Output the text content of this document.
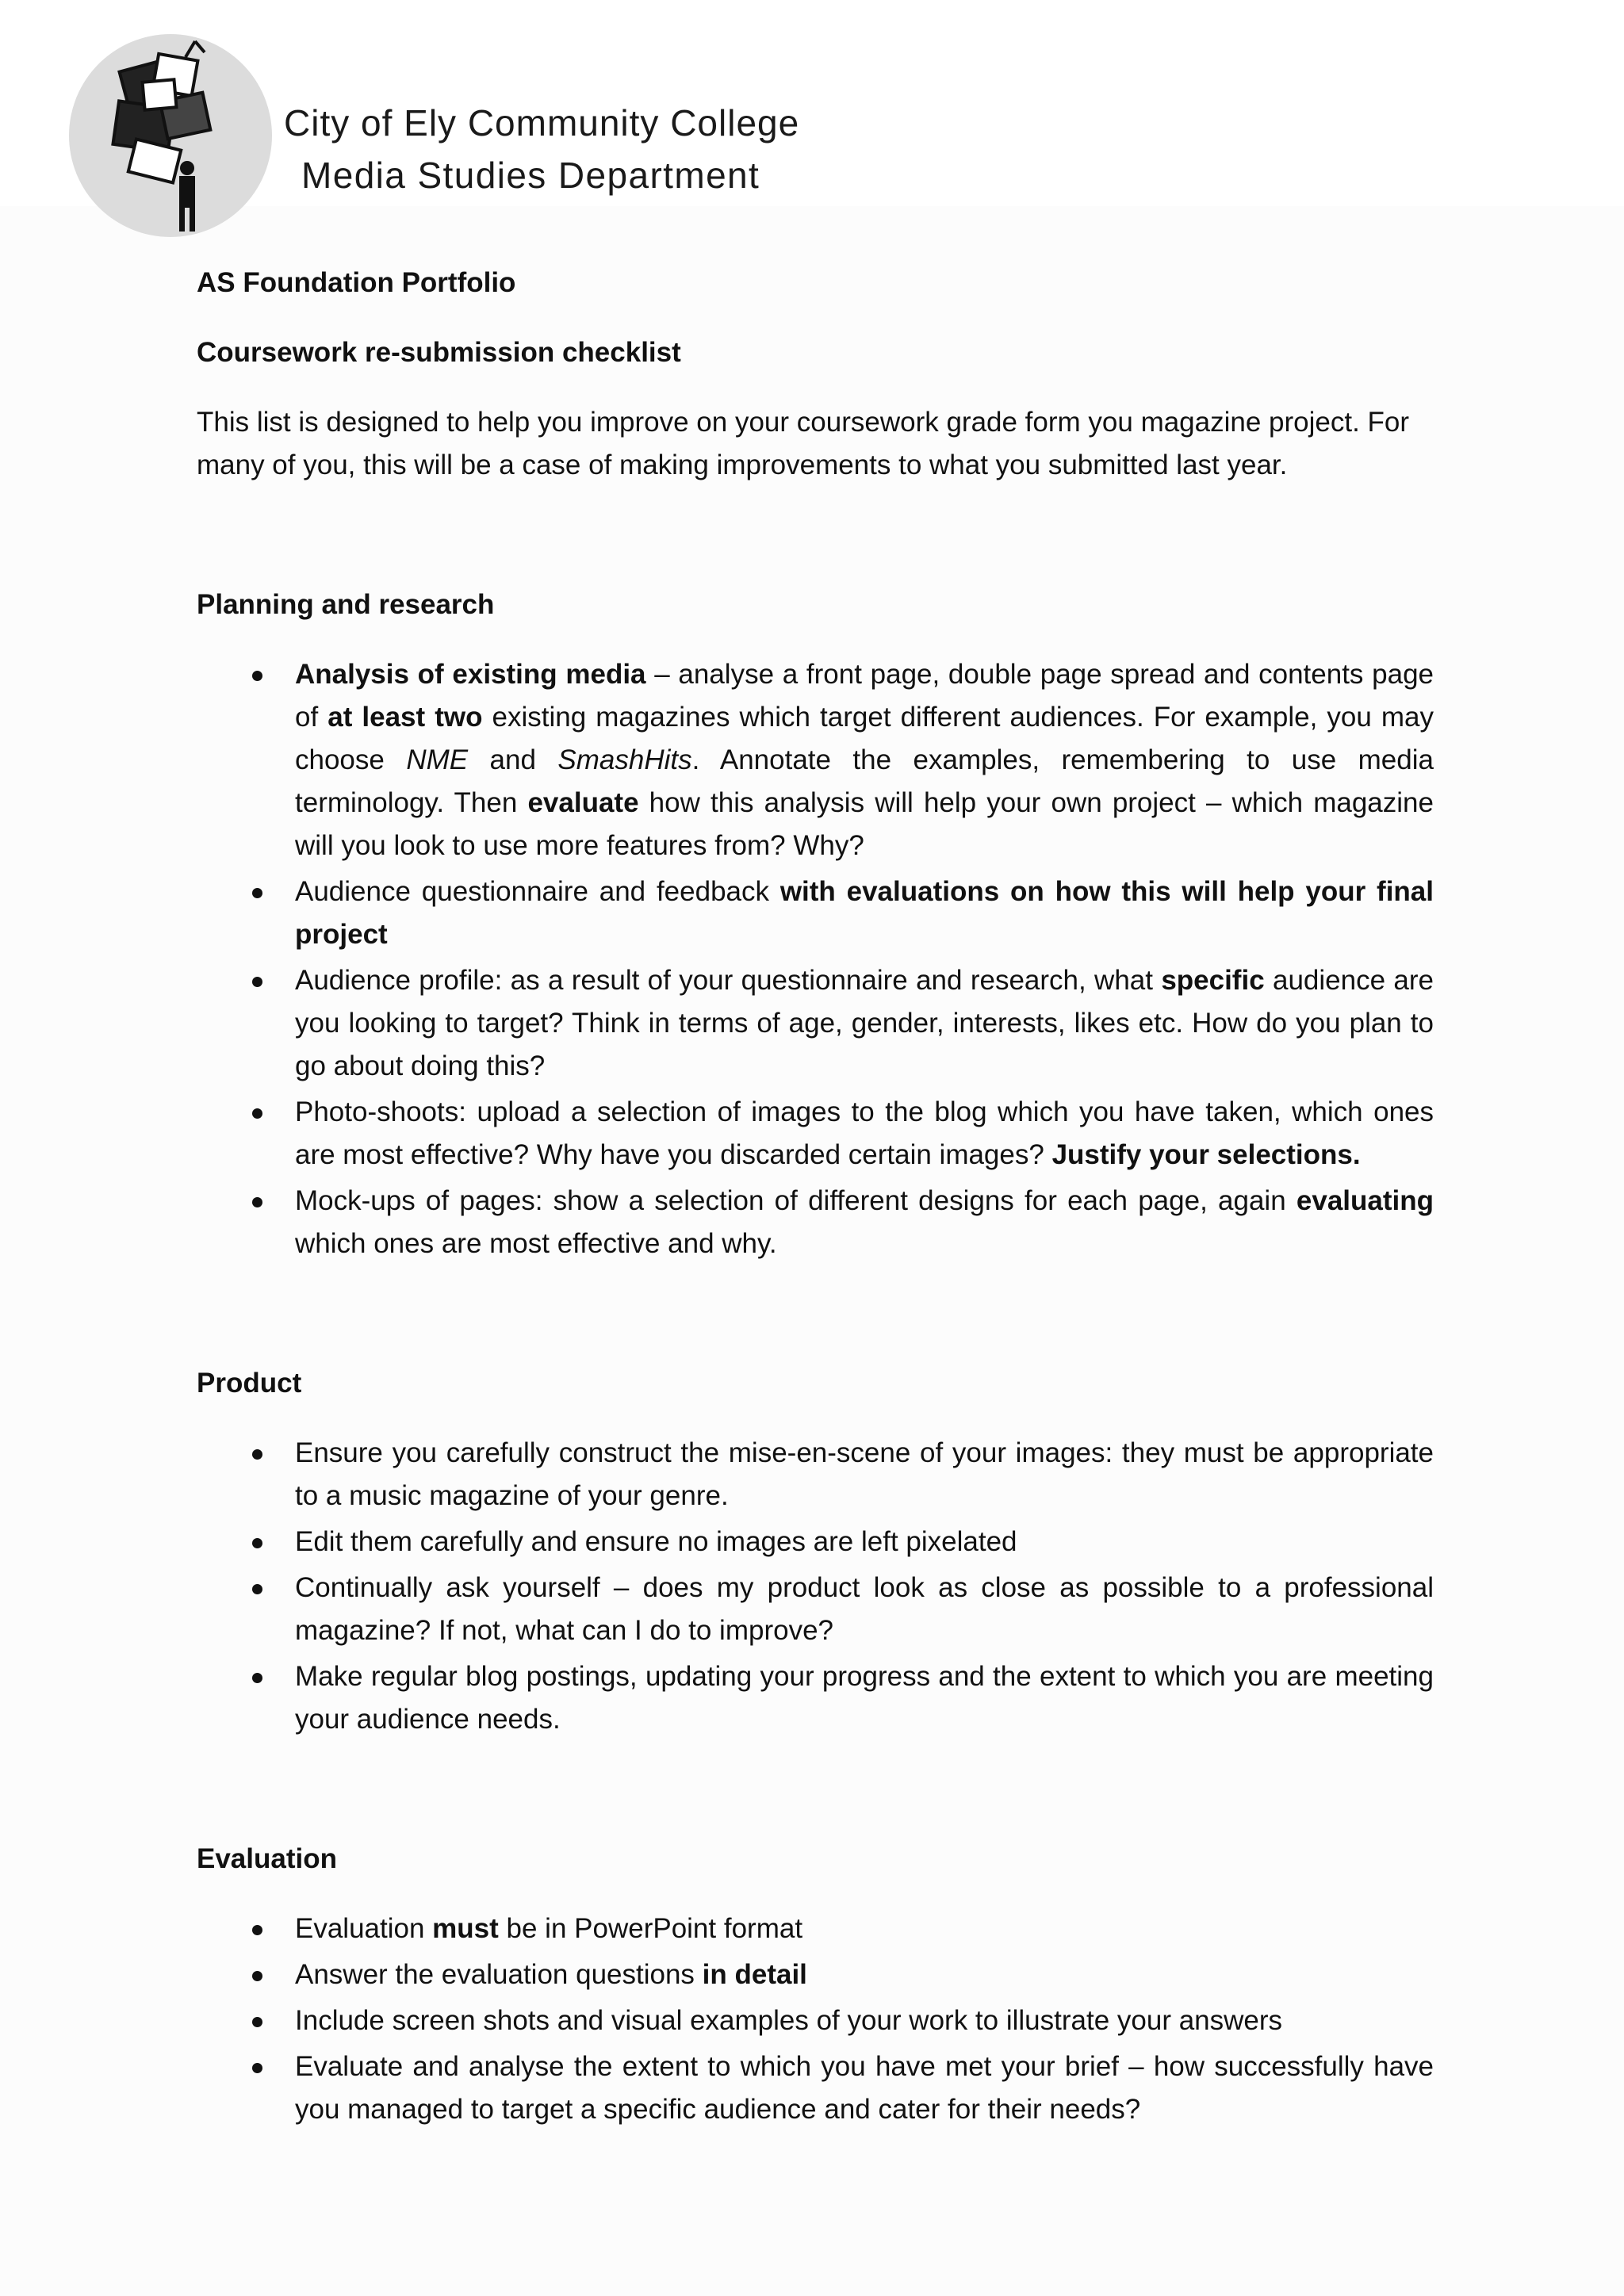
City of Ely Community College
Media Studies Department

AS Foundation Portfolio

Coursework re-submission checklist

This list is designed to help you improve on your coursework grade form you magazine project. For many of you, this will be a case of making improvements to what you submitted last year.

Planning and research

Analysis of existing media – analyse a front page, double page spread and contents page of at least two existing magazines which target different audiences. For example, you may choose NME and SmashHits. Annotate the examples, remembering to use media terminology. Then evaluate how this analysis will help your own project – which magazine will you look to use more features from? Why?
Audience questionnaire and feedback with evaluations on how this will help your final project
Audience profile: as a result of your questionnaire and research, what specific audience are you looking to target? Think in terms of age, gender, interests, likes etc. How do you plan to go about doing this?
Photo-shoots: upload a selection of images to the blog which you have taken, which ones are most effective? Why have you discarded certain images? Justify your selections.
Mock-ups of pages: show a selection of different designs for each page, again evaluating which ones are most effective and why.

Product

Ensure you carefully construct the mise-en-scene of your images: they must be appropriate to a music magazine of your genre.
Edit them carefully and ensure no images are left pixelated
Continually ask yourself – does my product look as close as possible to a professional magazine? If not, what can I do to improve?
Make regular blog postings, updating your progress and the extent to which you are meeting your audience needs.

Evaluation

Evaluation must be in PowerPoint format
Answer the evaluation questions in detail
Include screen shots and visual examples of your work to illustrate your answers
Evaluate and analyse the extent to which you have met your brief – how successfully have you managed to target a specific audience and cater for their needs?
